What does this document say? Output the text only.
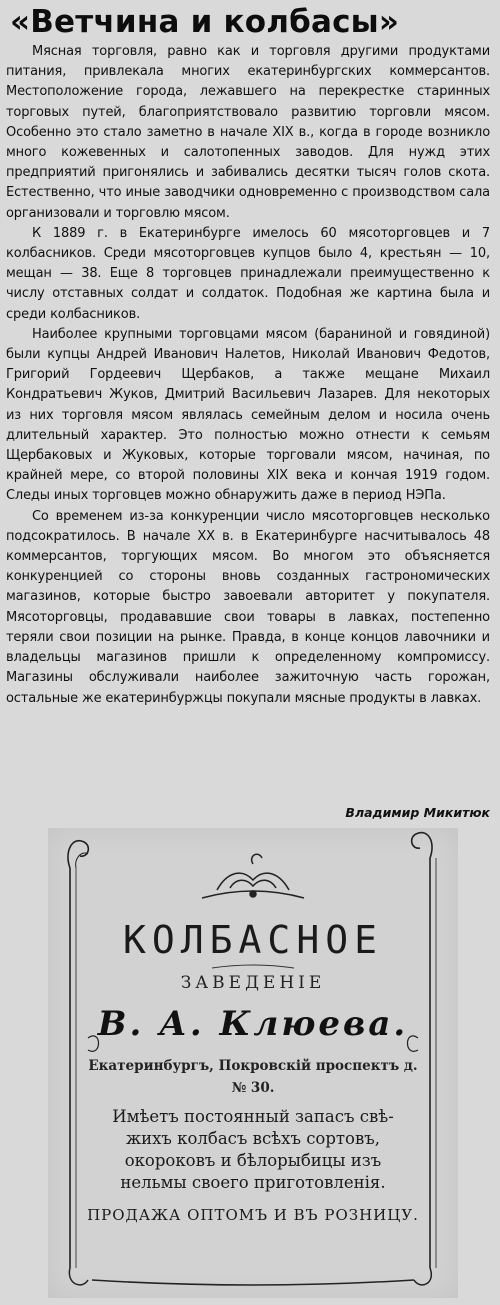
«Ветчина и колбасы»

Мясная торговля, равно как и торговля другими продуктами питания, привлекала многих екатеринбургских коммерсантов. Местоположение города, лежавшего на перекрестке старинных торговых путей, благоприятствовало развитию торговли мясом. Особенно это стало заметно в начале XIX в., когда в городе возникло много кожевенных и салотопенных заводов. Для нужд этих предприятий пригонялись и забивались десятки тысяч голов скота. Естественно, что иные заводчики одновременно с производством сала организовали и торговлю мясом.

К 1889 г. в Екатеринбурге имелось 60 мясоторговцев и 7 колбасников. Среди мясоторговцев купцов было 4, крестьян — 10, мещан — 38. Еще 8 торговцев принадлежали преимущественно к числу отставных солдат и солдаток. Подобная же картина была и среди колбасников.

Наиболее крупными торговцами мясом (бараниной и говядиной) были купцы Андрей Иванович Налетов, Николай Иванович Федотов, Григорий Гордеевич Щербаков, а также мещане Михаил Кондратьевич Жуков, Дмитрий Васильевич Лазарев. Для некоторых из них торговля мясом являлась семейным делом и носила очень длительный характер. Это полностью можно отнести к семьям Щербаковых и Жуковых, которые торговали мясом, начиная, по крайней мере, со второй половины XIX века и кончая 1919 годом. Следы иных торговцев можно обнаружить даже в период НЭПа.

Со временем из-за конкуренции число мясоторговцев несколько подсократилось. В начале XX в. в Екатеринбурге насчитывалось 48 коммерсантов, торгующих мясом. Во многом это объясняется конкуренцией со стороны вновь созданных гастрономических магазинов, которые быстро завоевали авторитет у покупателя. Мясоторговцы, продававшие свои товары в лавках, постепенно теряли свои позиции на рынке. Правда, в конце концов лавочники и владельцы магазинов пришли к определенному компромиссу. Магазины обслуживали наиболее зажиточную часть горожан, остальные же екатеринбуржцы покупали мясные продукты в лавках.

Владимир Микитюк
КОЛБАСНОЕ
ЗАВЕДЕНІЕ
В. А. Клюева.
Екатеринбургъ, Покровскій проспектъ д.
№ 30.
Имѣетъ постоянный запасъ свѣ-
жихъ колбасъ всѣхъ сортовъ,
окороковъ и бѣлорыбицы изъ
нельмы своего приготовленія.
ПРОДАЖА ОПТОМЪ И ВЪ РОЗНИЦУ.
